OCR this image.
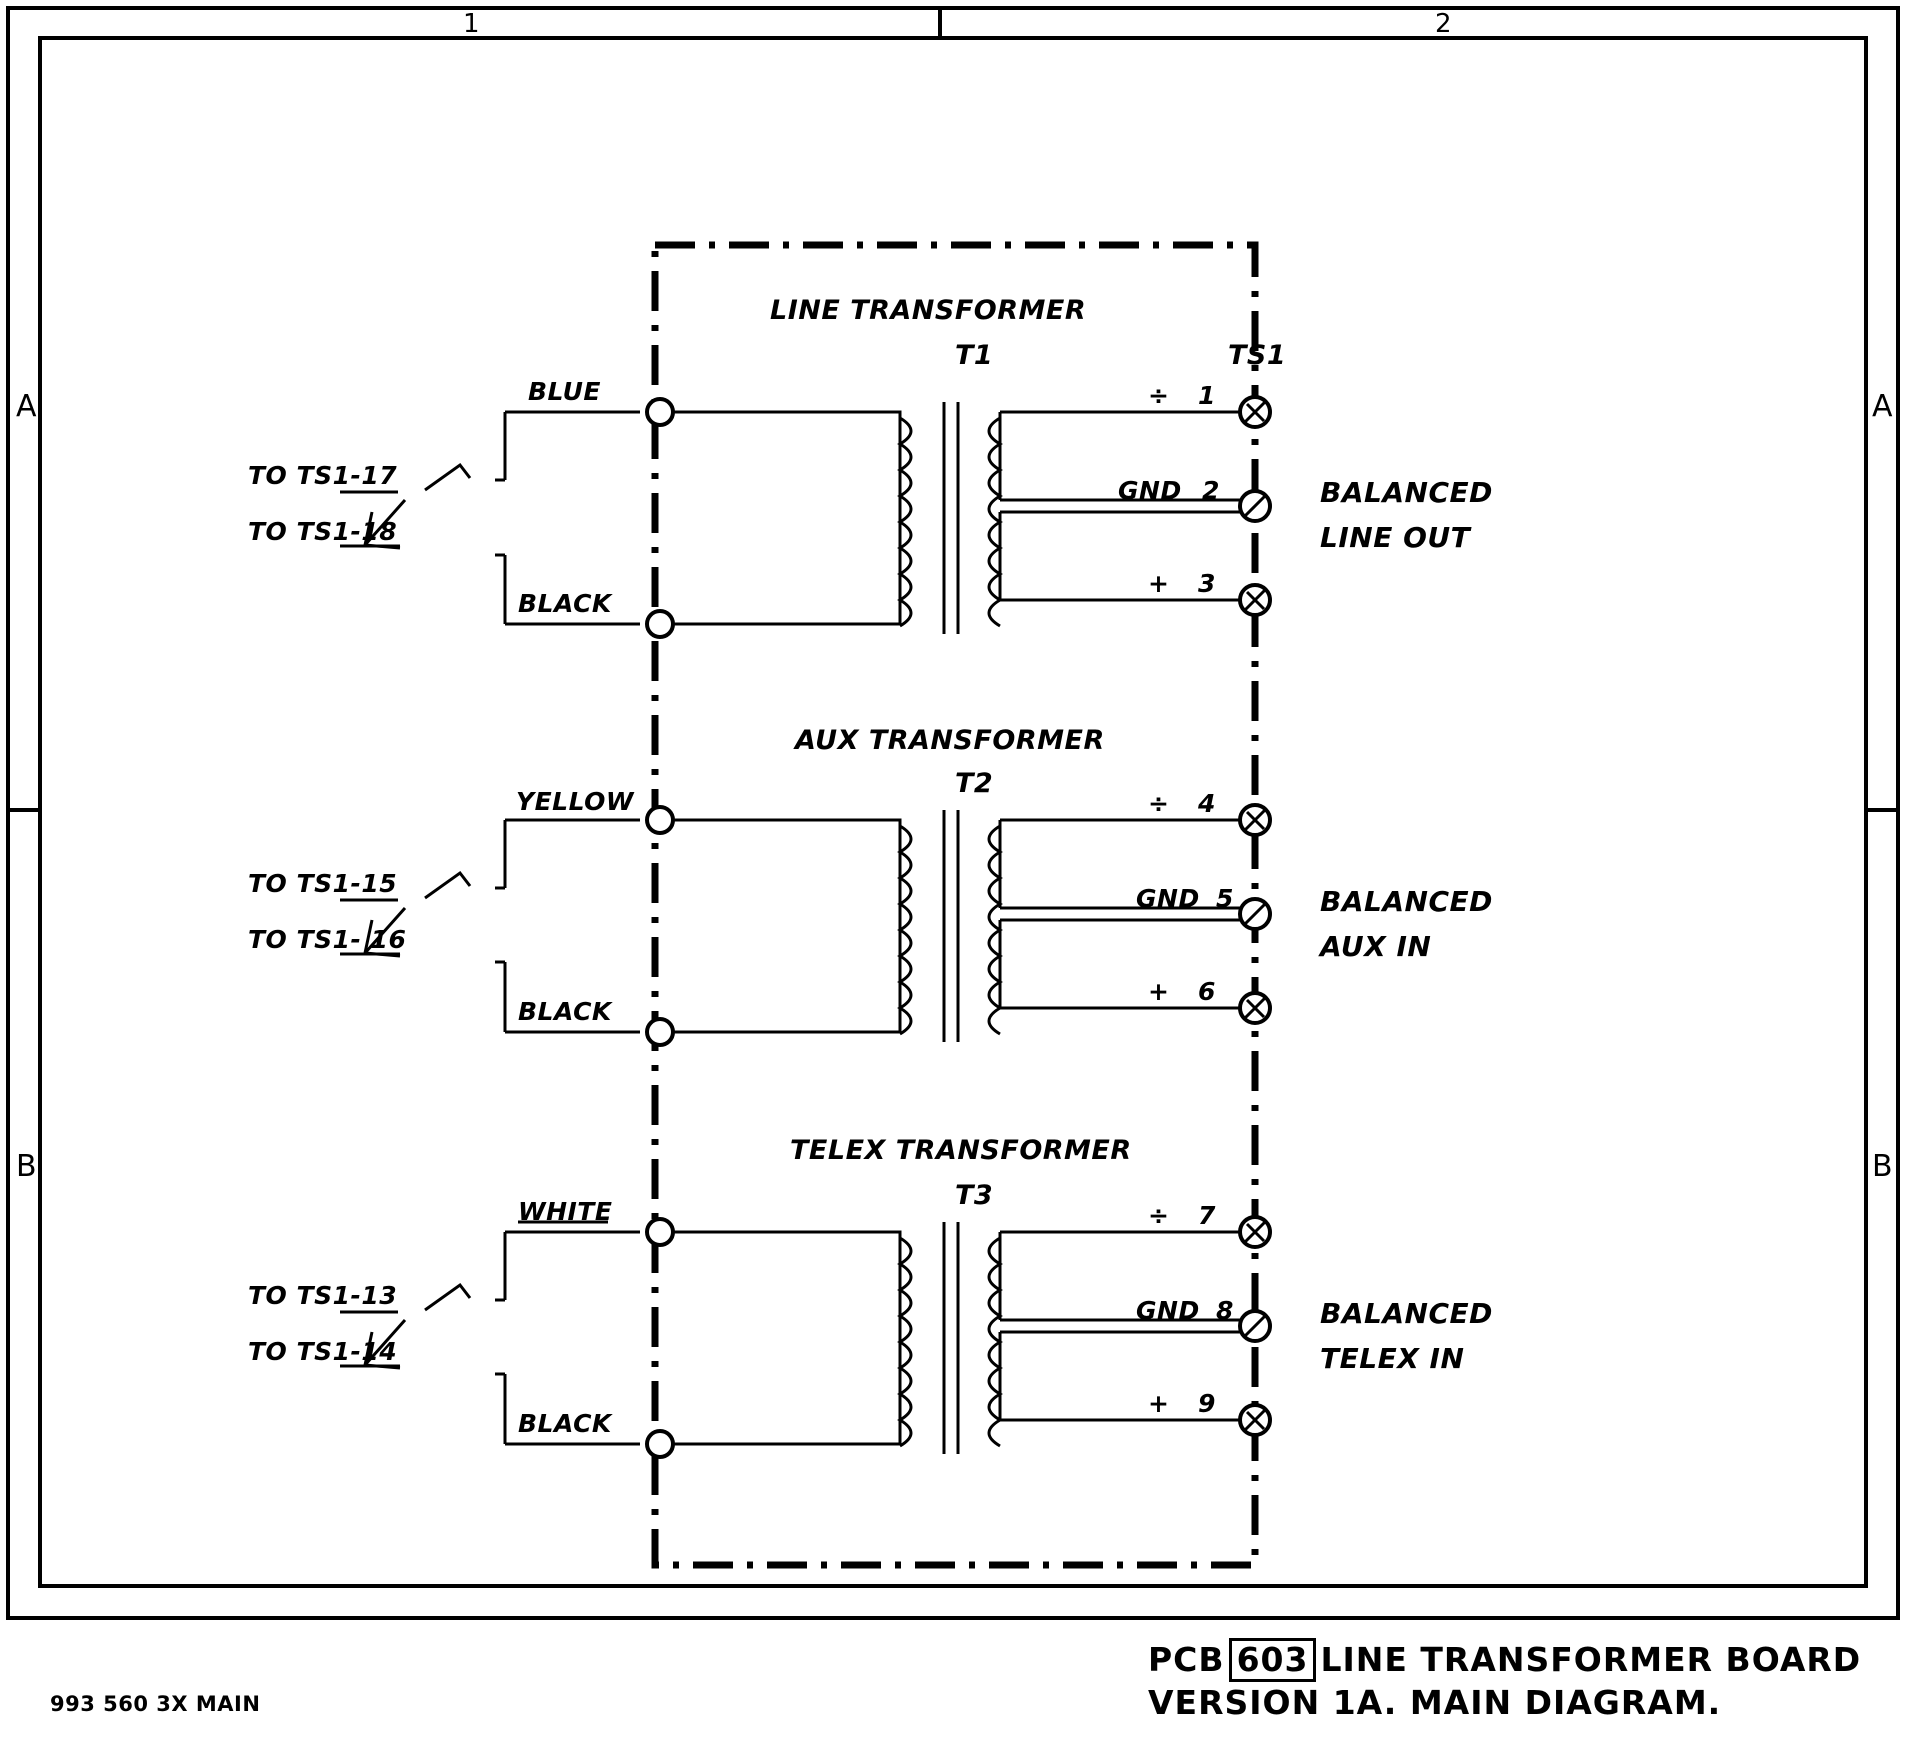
1	2
A
B
A
B
LINE TRANSFORMER
T1	TS1
BLUE
BLACK
TO TS1-17
TO TS1-18
÷ 1
GND 2
+ 3
BALANCED
LINE OUT
AUX TRANSFORMER
T2
YELLOW
BLACK
TO TS1-15
TO TS1- 16
÷ 4
GND 5
+ 6
BALANCED
AUX IN
TELEX TRANSFORMER
T3
WHITE
BLACK
TO TS1-13
TO TS1-14
÷ 7
GND 8
+ 9
BALANCED
TELEX IN
993 560 3X MAIN
PCB 603 LINE TRANSFORMER BOARD
VERSION 1A. MAIN DIAGRAM.
